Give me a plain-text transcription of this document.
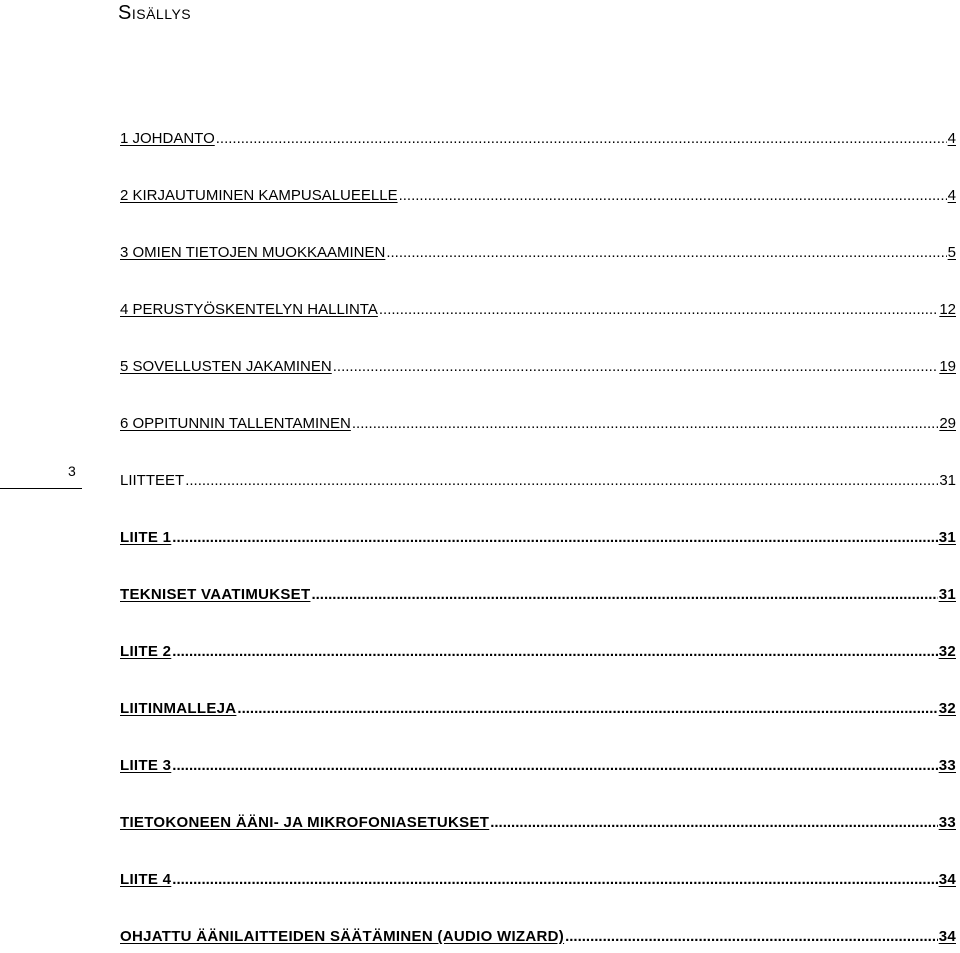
Sisällys
3
1 JOHDANTO .....	4
2 KIRJAUTUMINEN KAMPUSALUEELLE .....	4
3 OMIEN TIETOJEN MUOKKAAMINEN .....	5
4 PERUSTYÖSKENTELYN HALLINTA .....	12
5 SOVELLUSTEN JAKAMINEN .....	19
6 OPPITUNNIN TALLENTAMINEN .....	29
LIITTEET .....	31
LIITE 1 .....	31
TEKNISET VAATIMUKSET .....	31
LIITE 2 .....	32
LIITINMALLEJA .....	32
LIITE 3 .....	33
TIETOKONEEN ÄÄNI- JA MIKROFONIASETUKSET .....	33
LIITE 4 .....	34
OHJATTU ÄÄNILAITTEIDEN SÄÄTÄMINEN (AUDIO WIZARD) .....	34
